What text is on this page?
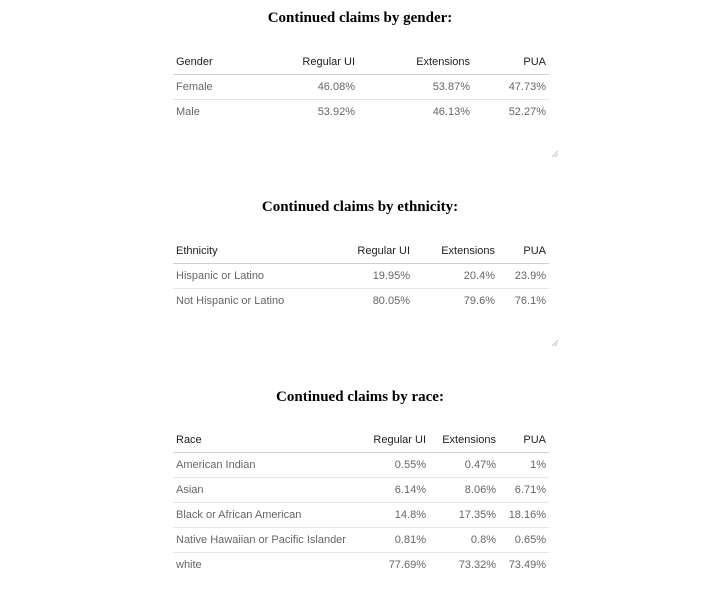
Continued claims by gender:
Gender	Regular UI	Extensions	PUA
Female	46.08%	53.87%	47.73%
Male	53.92%	46.13%	52.27%
Continued claims by ethnicity:
Ethnicity	Regular UI	Extensions	PUA
Hispanic or Latino	19.95%	20.4%	23.9%
Not Hispanic or Latino	80.05%	79.6%	76.1%
Continued claims by race:
Race	Regular UI	Extensions	PUA
American Indian	0.55%	0.47%	1%
Asian	6.14%	8.06%	6.71%
Black or African American	14.8%	17.35%	18.16%
Native Hawaiian or Pacific Islander	0.81%	0.8%	0.65%
white	77.69%	73.32%	73.49%
